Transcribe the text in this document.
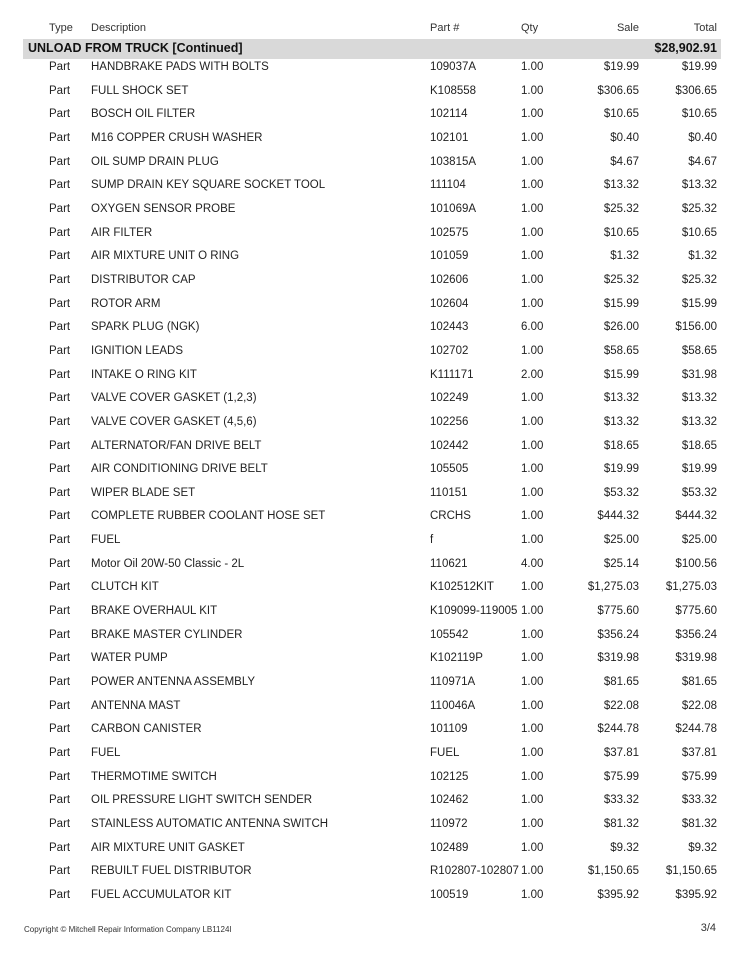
Type Description	Part #	Qty	Sale	Total
UNLOAD FROM TRUCK [Continued]	$28,902.91
Part HANDBRAKE PADS WITH BOLTS	109037A	1.00	$19.99	$19.99
Part FULL SHOCK SET	K108558	1.00	$306.65	$306.65
Part BOSCH OIL FILTER	102114	1.00	$10.65	$10.65
Part M16 COPPER CRUSH WASHER	102101	1.00	$0.40	$0.40
Part OIL SUMP DRAIN PLUG	103815A	1.00	$4.67	$4.67
Part SUMP DRAIN KEY SQUARE SOCKET TOOL	111104	1.00	$13.32	$13.32
Part OXYGEN SENSOR PROBE	101069A	1.00	$25.32	$25.32
Part AIR FILTER	102575	1.00	$10.65	$10.65
Part AIR MIXTURE UNIT O RING	101059	1.00	$1.32	$1.32
Part DISTRIBUTOR CAP	102606	1.00	$25.32	$25.32
Part ROTOR ARM	102604	1.00	$15.99	$15.99
Part SPARK PLUG (NGK)	102443	6.00	$26.00	$156.00
Part IGNITION LEADS	102702	1.00	$58.65	$58.65
Part INTAKE O RING KIT	K111171	2.00	$15.99	$31.98
Part VALVE COVER GASKET (1,2,3)	102249	1.00	$13.32	$13.32
Part VALVE COVER GASKET (4,5,6)	102256	1.00	$13.32	$13.32
Part ALTERNATOR/FAN DRIVE BELT	102442	1.00	$18.65	$18.65
Part AIR CONDITIONING DRIVE BELT	105505	1.00	$19.99	$19.99
Part WIPER BLADE SET	110151	1.00	$53.32	$53.32
Part COMPLETE RUBBER COOLANT HOSE SET	CRCHS	1.00	$444.32	$444.32
Part FUEL	f	1.00	$25.00	$25.00
Part Motor Oil 20W-50 Classic - 2L	110621	4.00	$25.14	$100.56
Part CLUTCH KIT	K102512KIT 1.00	$1,275.03 $1,275.03
Part BRAKE OVERHAUL KIT	K109099-119005 1.00	$775.60	$775.60
Part BRAKE MASTER CYLINDER	105542	1.00	$356.24	$356.24
Part WATER PUMP	K102119P	1.00	$319.98	$319.98
Part POWER ANTENNA ASSEMBLY	110971A	1.00	$81.65	$81.65
Part ANTENNA MAST	110046A	1.00	$22.08	$22.08
Part CARBON CANISTER	101109	1.00	$244.78	$244.78
Part FUEL	FUEL	1.00	$37.81	$37.81
Part THERMOTIME SWITCH	102125	1.00	$75.99	$75.99
Part OIL PRESSURE LIGHT SWITCH SENDER	102462	1.00	$33.32	$33.32
Part STAINLESS AUTOMATIC ANTENNA SWITCH	110972	1.00	$81.32	$81.32
Part AIR MIXTURE UNIT GASKET	102489	1.00	$9.32	$9.32
Part REBUILT FUEL DISTRIBUTOR	R102807-102807 1.00	$1,150.65 $1,150.65
Part FUEL ACCUMULATOR KIT	100519	1.00	$395.92	$395.92
Copyright © Mitchell Repair Information Company LB1124I	3/4
